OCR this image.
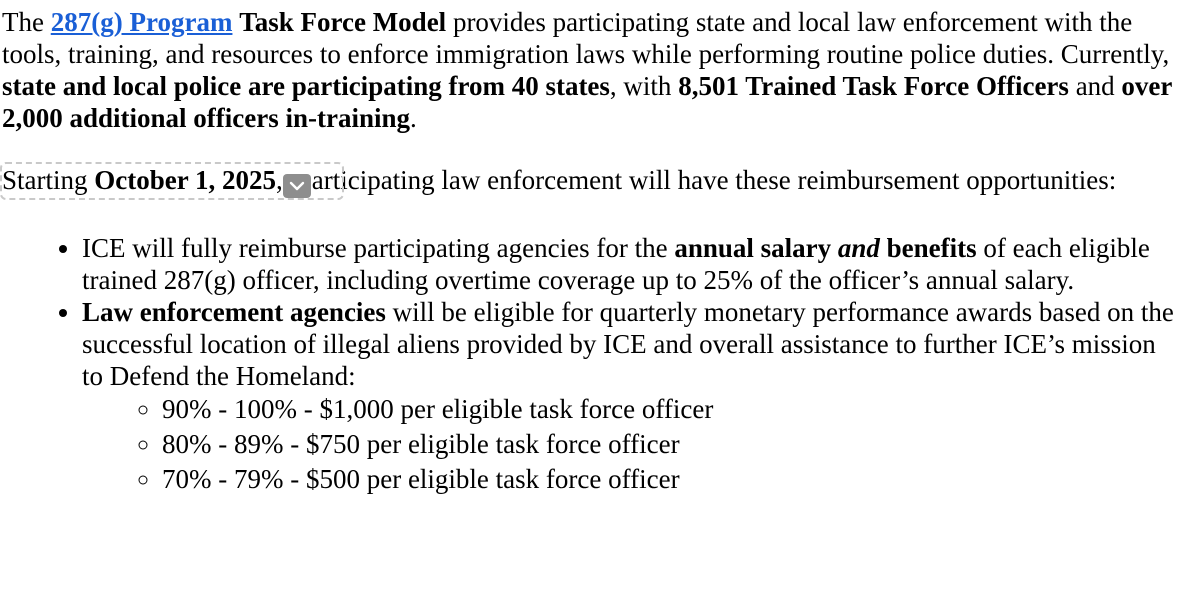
The 287(g) Program Task Force Model provides participating state and local law enforcement with the tools, training, and resources to enforce immigration laws while performing routine police duties. Currently, state and local police are participating from 40 states, with 8,501 Trained Task Force Officers and over 2,000 additional officers in-training.

Starting October 1, 2025, articipating law enforcement will have these reimbursement opportunities:

• ICE will fully reimburse participating agencies for the annual salary and benefits of each eligible trained 287(g) officer, including overtime coverage up to 25% of the officer’s annual salary.
• Law enforcement agencies will be eligible for quarterly monetary performance awards based on the successful location of illegal aliens provided by ICE and overall assistance to further ICE’s mission to Defend the Homeland:
◦ 90% - 100% - $1,000 per eligible task force officer
◦ 80% - 89% - $750 per eligible task force officer
◦ 70% - 79% - $500 per eligible task force officer
